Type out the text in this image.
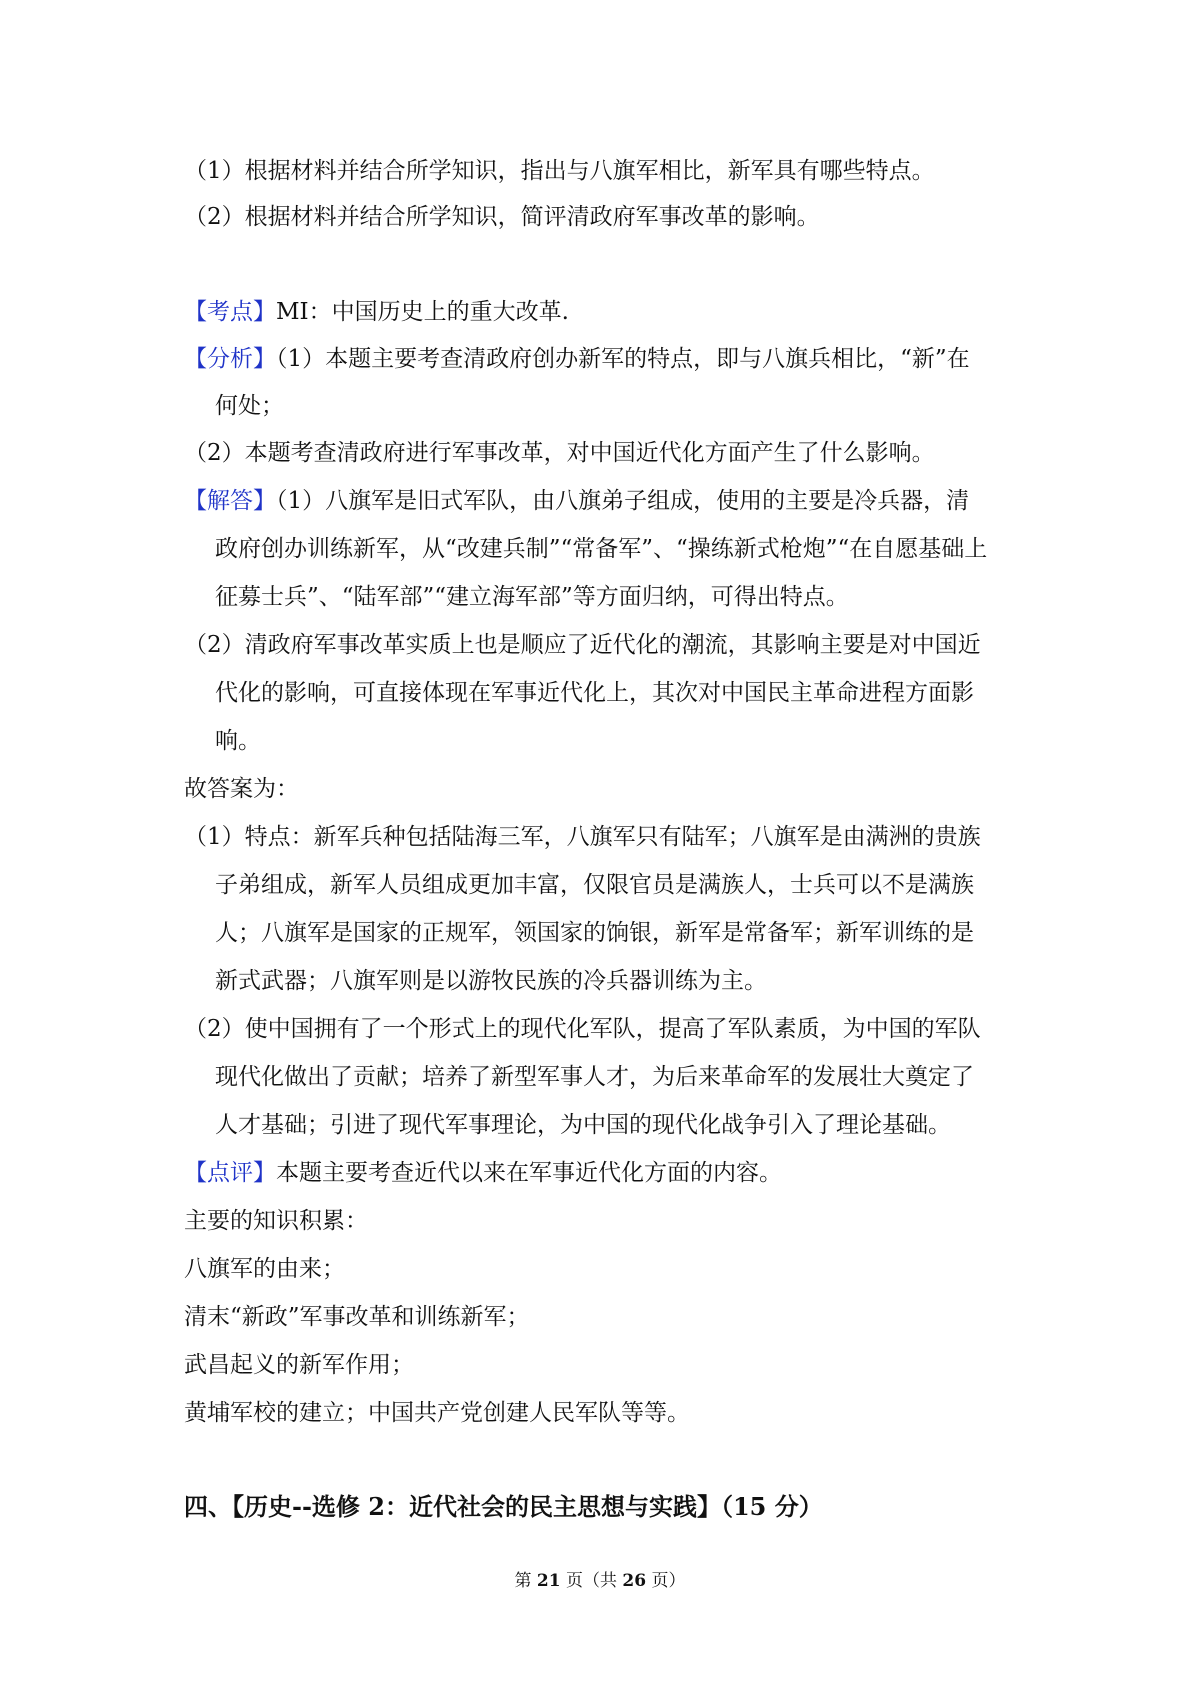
（1）根据材料并结合所学知识，指出与八旗军相比，新军具有哪些特点。
（2）根据材料并结合所学知识，简评清政府军事改革的影响。
【考点】MI：中国历史上的重大改革.
【分析】（1）本题主要考查清政府创办新军的特点，即与八旗兵相比，“新”在
何处；
（2）本题考查清政府进行军事改革，对中国近代化方面产生了什么影响。
【解答】（1）八旗军是旧式军队，由八旗弟子组成，使用的主要是冷兵器，清
政府创办训练新军，从“改建兵制”“常备军”、“操练新式枪炮”“在自愿基础上
征募士兵”、“陆军部”“建立海军部”等方面归纳，可得出特点。
（2）清政府军事改革实质上也是顺应了近代化的潮流，其影响主要是对中国近
代化的影响，可直接体现在军事近代化上，其次对中国民主革命进程方面影
响。
故答案为：
（1）特点：新军兵种包括陆海三军，八旗军只有陆军；八旗军是由满洲的贵族
子弟组成，新军人员组成更加丰富，仅限官员是满族人，士兵可以不是满族
人；八旗军是国家的正规军，领国家的饷银，新军是常备军；新军训练的是
新式武器；八旗军则是以游牧民族的冷兵器训练为主。
（2）使中国拥有了一个形式上的现代化军队，提高了军队素质，为中国的军队
现代化做出了贡献；培养了新型军事人才，为后来革命军的发展壮大奠定了
人才基础；引进了现代军事理论，为中国的现代化战争引入了理论基础。
【点评】本题主要考查近代以来在军事近代化方面的内容。
主要的知识积累：
八旗军的由来；
清末“新政”军事改革和训练新军；
武昌起义的新军作用；
黄埔军校的建立；中国共产党创建人民军队等等。
四、【历史--选修 2：近代社会的民主思想与实践】（15 分）
第 21 页（共 26 页）
